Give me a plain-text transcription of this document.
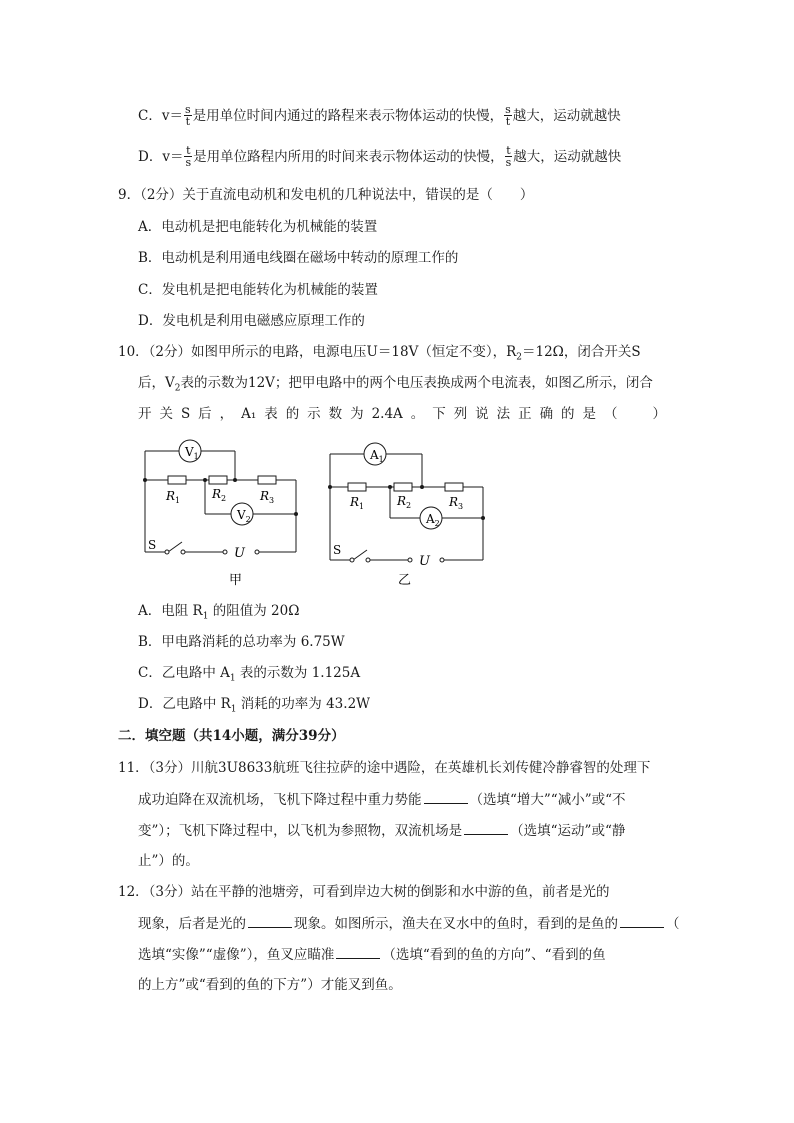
C．$v= \frac{s}{t}$ 是用单位时间内通过的路程来表示物体运动的快慢， $\frac{s}{t}$ 越大，运动就越快
D．$v= \frac{t}{s}$ 是用单位路程内所用的时间来表示物体运动的快慢， $\frac{t}{s}$ 越大，运动就越快
9．（2分）关于直流电动机和发电机的几种说法中，错误的是（　　）
A．电动机是把电能转化为机械能的装置
B．电动机是利用通电线圈在磁场中转动的原理工作的
C．发电机是把电能转化为机械能的装置
D．发电机是利用电磁感应原理工作的
10．（2分）如图甲所示的电路，电源电压U＝18V（恒定不变），$R_2=12\Omega$，闭合开关S
后，$V_2$表的示数为12V；把甲电路中的两个电压表换成两个电流表，如图乙所示，闭合
开 关 S 后 ， A₁ 表 的 示 数 为 2.4A 。 下 列 说 法 正 确 的 是 （ 　　）
$V_1$
$V_2$
$R_1$	$R_2$	$R_3$
S
U
甲
$A_1$
$A_2$
$R_1$	$R_2$	$R_3$
S
U
乙
A．电阻 $R_1$ 的阻值为 20Ω
B．甲电路消耗的总功率为 6.75W
C．乙电路中 $A_1$ 表的示数为 1.125A
D．乙电路中 $R_1$ 消耗的功率为 43.2W
二．填空题（共14小题，满分39分）
11．（3分）川航3U8633航班飞往拉萨的途中遇险，在英雄机长刘传健冷静睿智的处理下
成功迫降在双流机场，飞机下降过程中重力势能	（选填“增大”“减小”或“不
变”）；飞机下降过程中，以飞机为参照物，双流机场是	（选填“运动”或“静
止”）的。
12．（3分）站在平静的池塘旁，可看到岸边大树的倒影和水中游的鱼，前者是光的
现象，后者是光的	现象。如图所示，渔夫在叉水中的鱼时，看到的是鱼的	（
选填“实像”“虚像”），鱼叉应瞄准	（选填“看到的鱼的方向”、“看到的鱼
的上方”或“看到的鱼的下方”）才能叉到鱼。
